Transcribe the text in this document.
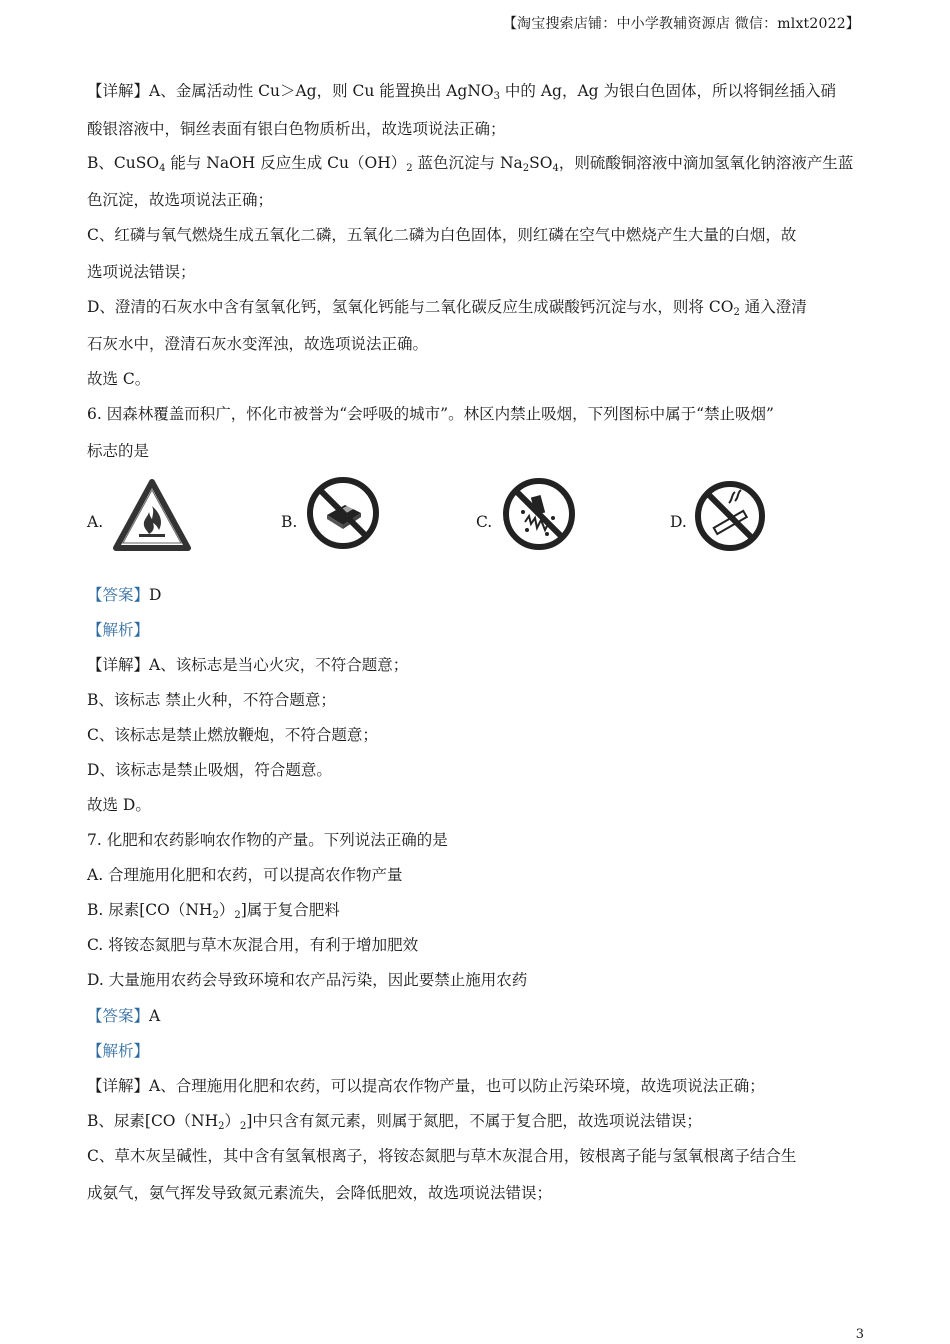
【淘宝搜索店铺：中小学教辅资源店 微信：mlxt2022】
【详解】A、金属活动性 Cu＞Ag，则 Cu 能置换出 AgNO$_3$ 中的 Ag，Ag 为银白色固体，所以将铜丝插入硝
酸银溶液中，铜丝表面有银白色物质析出，故选项说法正确；
B、CuSO$_4$ 能与 NaOH 反应生成 $Cu(OH)_2$ 蓝色沉淀与 $Na_2SO_4$，则硫酸铜溶液中滴加氢氧化钠溶液产生蓝
色沉淀，故选项说法正确；
C、红磷与氧气燃烧生成五氧化二磷，五氧化二磷为白色固体，则红磷在空气中燃烧产生大量的白烟，故
选项说法错误；
D、澄清的石灰水中含有氢氧化钙，氢氧化钙能与二氧化碳反应生成碳酸钙沉淀与水，则将 $CO_2$ 通入澄清
石灰水中，澄清石灰水变浑浊，故选项说法正确。
故选 C。
6. 因森林覆盖而积广，怀化市被誉为“会呼吸的城市”。林区内禁止吸烟，下列图标中属于“禁止吸烟”
标志的是
A.	B.	C.	D.
【答案】D
【解析】
【详解】A、该标志是当心火灾，不符合题意；
B、该标志 禁止火种，不符合题意；
C、该标志是禁止燃放鞭炮，不符合题意；
D、该标志是禁止吸烟，符合题意。
故选 D。
7. 化肥和农药影响农作物的产量。下列说法正确的是
A. 合理施用化肥和农药，可以提高农作物产量
B. 尿素$[CO(NH_2)_2]$属于复合肥料
C. 将铵态氮肥与草木灰混合用，有利于增加肥效
D. 大量施用农药会导致环境和农产品污染，因此要禁止施用农药
【答案】A
【解析】
【详解】A、合理施用化肥和农药，可以提高农作物产量，也可以防止污染环境，故选项说法正确；
B、尿素$[CO(NH_2)_2]$中只含有氮元素，则属于氮肥，不属于复合肥，故选项说法错误；
C、草木灰呈碱性，其中含有氢氧根离子，将铵态氮肥与草木灰混合用，铵根离子能与氢氧根离子结合生
成氨气，氨气挥发导致氮元素流失，会降低肥效，故选项说法错误；
3
